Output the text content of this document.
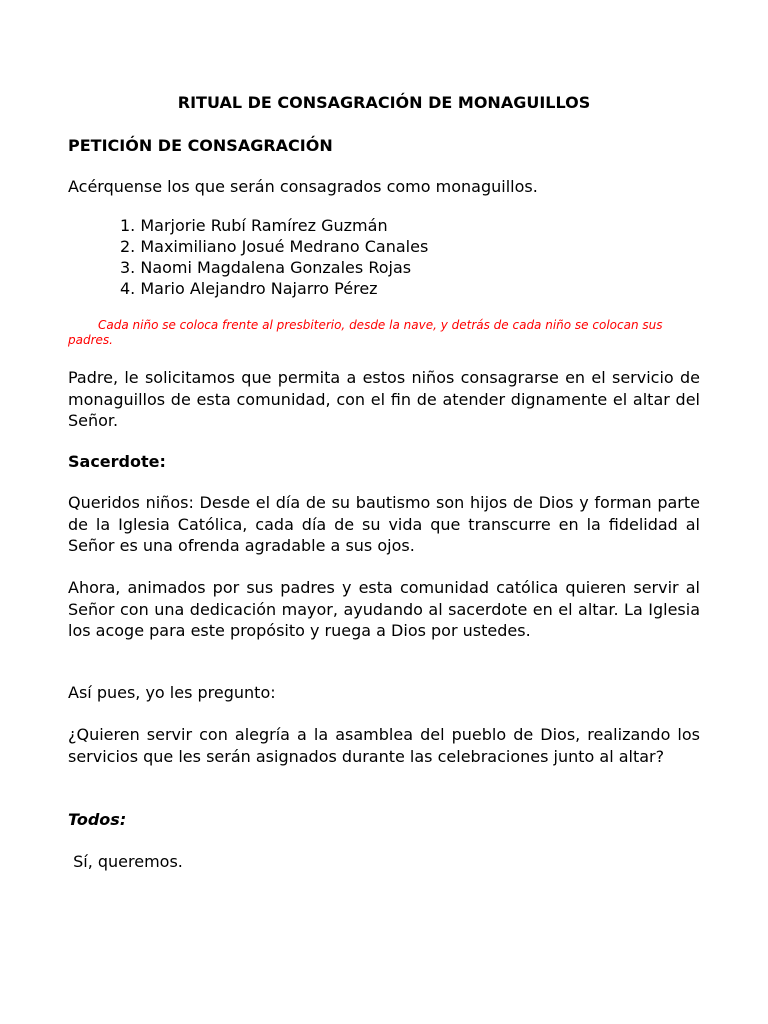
RITUAL DE CONSAGRACIÓN DE MONAGUILLOS
PETICIÓN DE CONSAGRACIÓN
Acérquense los que serán consagrados como monaguillos.
1. Marjorie Rubí Ramírez Guzmán
2. Maximiliano Josué Medrano Canales
3. Naomi Magdalena Gonzales Rojas
4. Mario Alejandro Najarro Pérez
Cada niño se coloca frente al presbiterio, desde la nave, y detrás de cada niño se colocan sus padres.
Padre, le solicitamos que permita a estos niños consagrarse en el servicio de monaguillos de esta comunidad, con el fin de atender dignamente el altar del Señor.
Sacerdote:
Queridos niños: Desde el día de su bautismo son hijos de Dios y forman parte de la Iglesia Católica, cada día de su vida que transcurre en la fidelidad al Señor es una ofrenda agradable a sus ojos.
Ahora, animados por sus padres y esta comunidad católica quieren servir al Señor con una dedicación mayor, ayudando al sacerdote en el altar. La Iglesia los acoge para este propósito y ruega a Dios por ustedes.
Así pues, yo les pregunto:
¿Quieren servir con alegría a la asamblea del pueblo de Dios, realizando los servicios que les serán asignados durante las celebraciones junto al altar?
Todos:
Sí, queremos.
